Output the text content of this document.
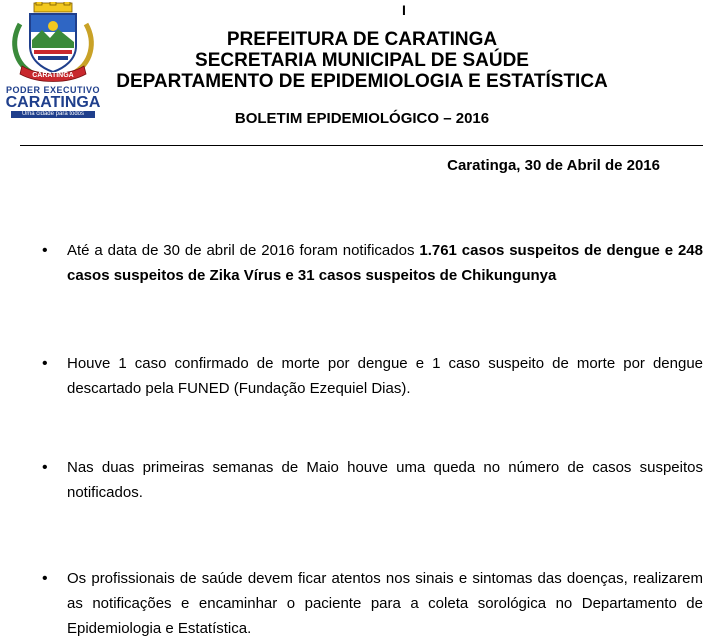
I
CARATINGA
PODER EXECUTIVO
CARATINGA
Uma cidade para todos
PREFEITURA DE CARATINGA
SECRETARIA MUNICIPAL DE SAÚDE
DEPARTAMENTO DE EPIDEMIOLOGIA E ESTATÍSTICA
BOLETIM EPIDEMIOLÓGICO – 2016
Caratinga, 30 de Abril de 2016
• Até a data de 30 de abril de 2016 foram notificados 1.761 casos suspeitos de dengue e 248 casos suspeitos de Zika Vírus e 31 casos suspeitos de Chikungunya
• Houve 1 caso confirmado de morte por dengue e 1 caso suspeito de morte por dengue descartado pela FUNED (Fundação Ezequiel Dias).
• Nas duas primeiras semanas de Maio houve uma queda no número de casos suspeitos notificados.
• Os profissionais de saúde devem ficar atentos nos sinais e sintomas das doenças, realizarem as notificações e encaminhar o paciente para a coleta sorológica no Departamento de Epidemiologia e Estatística.
